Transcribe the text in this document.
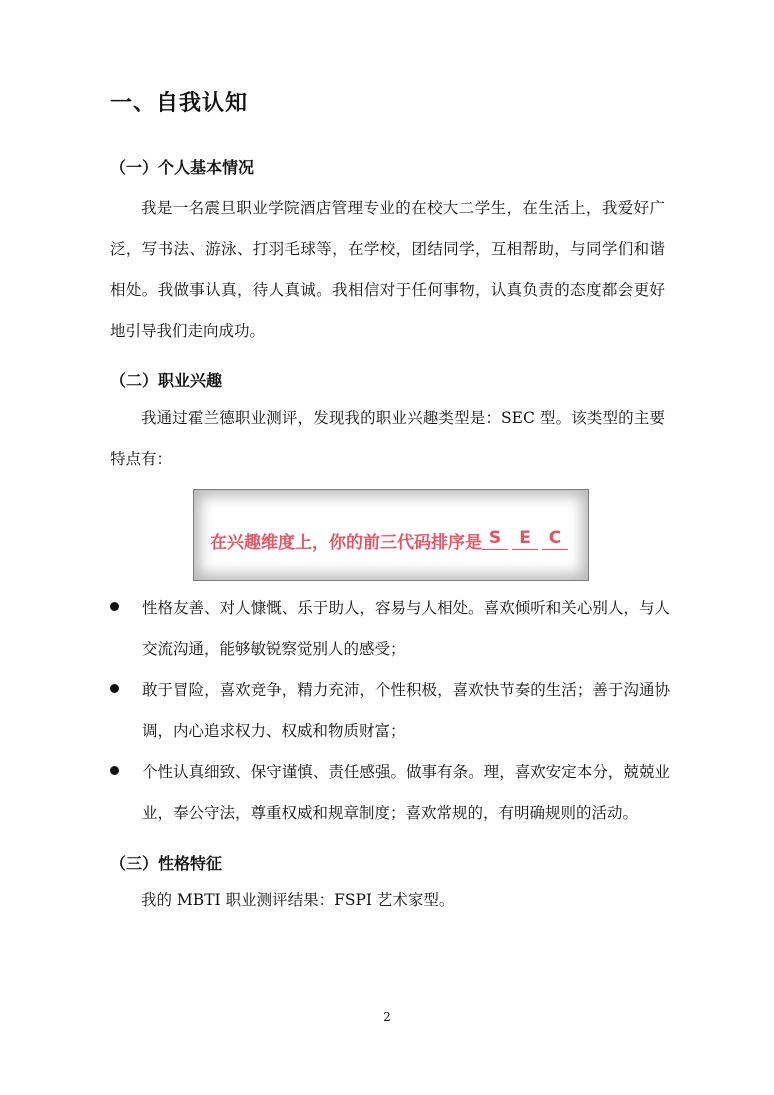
一、自我认知
（一）个人基本情况

我是一名震旦职业学院酒店管理专业的在校大二学生，在生活上，我爱好广泛，写书法、游泳、打羽毛球等，在学校，团结同学，互相帮助，与同学们和谐相处。我做事认真，待人真诚。我相信对于任何事物，认真负责的态度都会更好地引导我们走向成功。

（二）职业兴趣

我通过霍兰德职业测评，发现我的职业兴趣类型是：SEC 型。该类型的主要特点有：

在兴趣维度上，你的前三代码排序是 S	E	C

性格友善、对人慷慨、乐于助人，容易与人相处。喜欢倾听和关心别人，与人交流沟通，能够敏锐察觉别人的感受；

敢于冒险，喜欢竞争，精力充沛，个性积极，喜欢快节奏的生活；善于沟通协调，内心追求权力、权威和物质财富；

个性认真细致、保守谨慎、责任感强。做事有条。理，喜欢安定本分，兢兢业业，奉公守法，尊重权威和规章制度；喜欢常规的，有明确规则的活动。

（三）性格特征

我的 MBTI 职业测评结果：FSPI 艺术家型。

2
